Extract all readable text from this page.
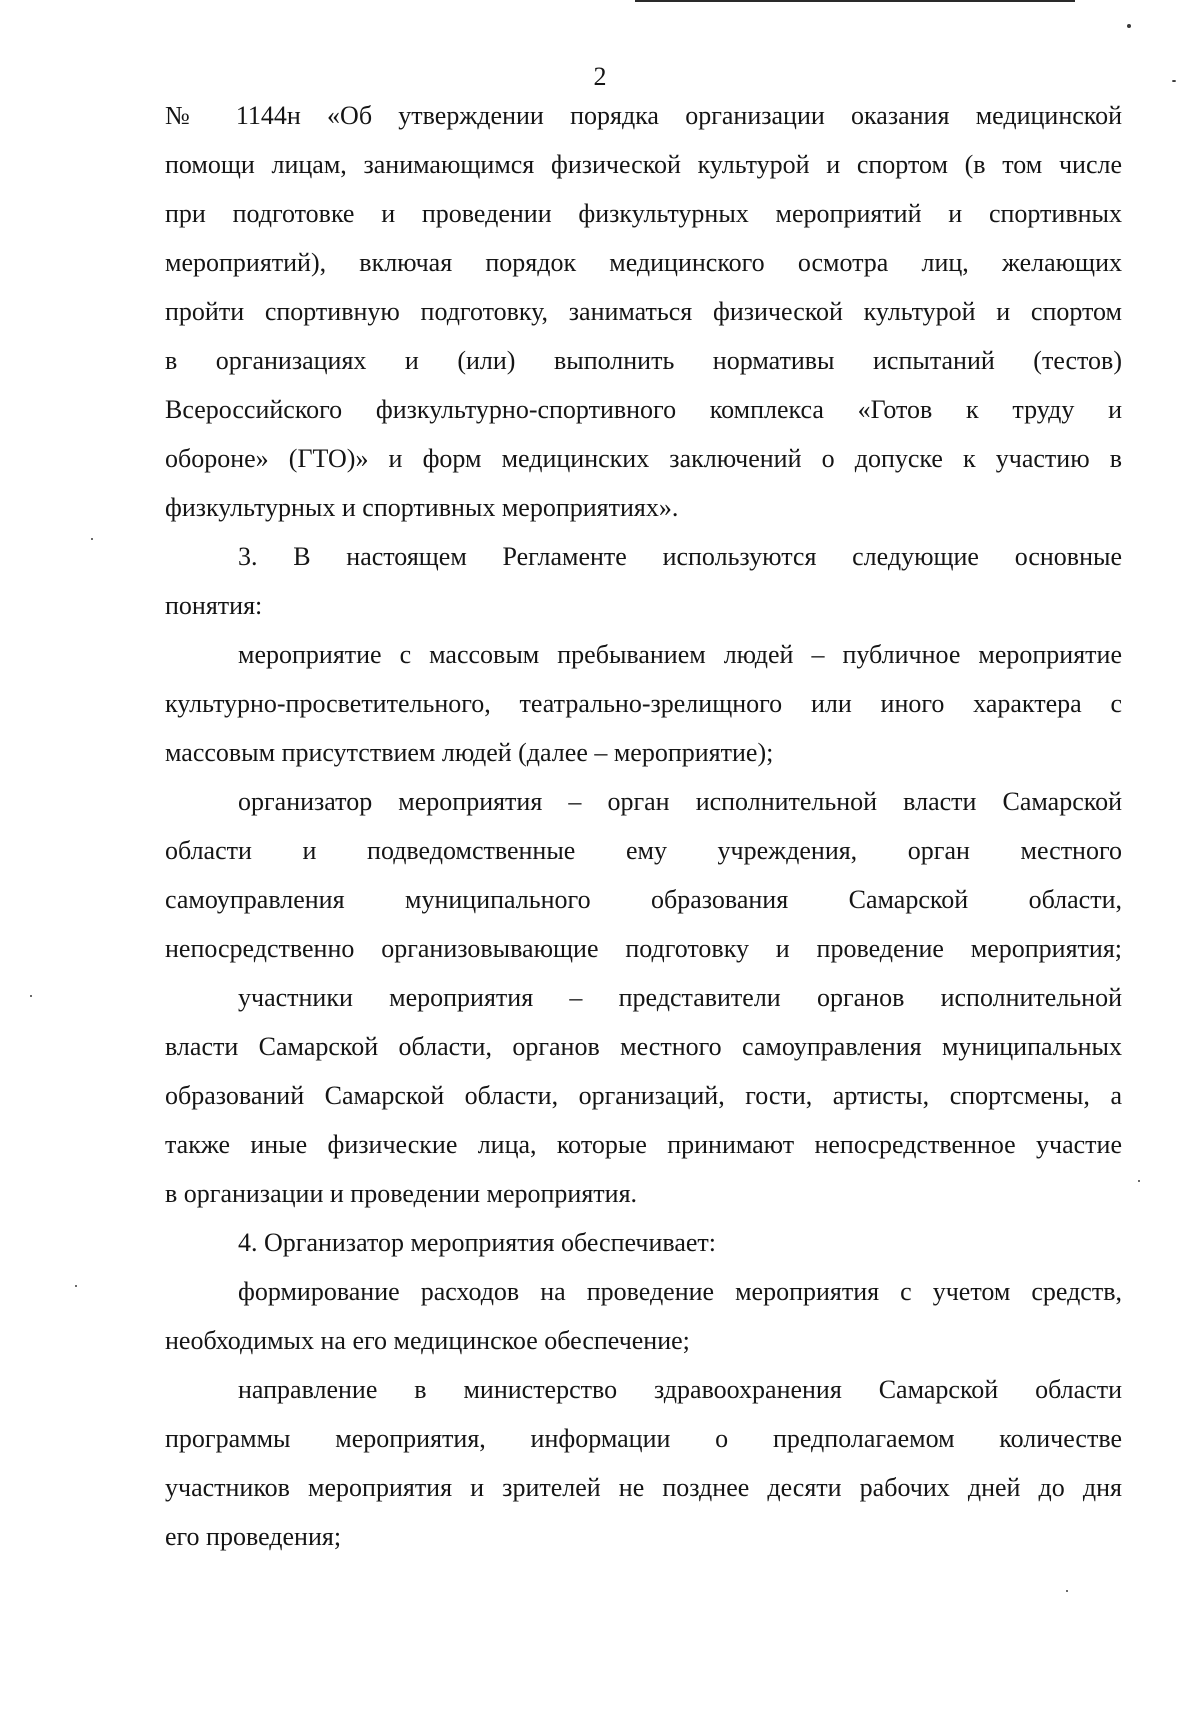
2
№ 1144н «Об утверждении порядка организации оказания медицинской
помощи лицам, занимающимся физической культурой и спортом (в том числе
при подготовке и проведении физкультурных мероприятий и спортивных
мероприятий), включая порядок медицинского осмотра лиц, желающих
пройти спортивную подготовку, заниматься физической культурой и спортом
в организациях и (или) выполнить нормативы испытаний (тестов)
Всероссийского физкультурно-спортивного комплекса «Готов к труду и
обороне» (ГТО)» и форм медицинских заключений о допуске к участию в
физкультурных и спортивных мероприятиях».
3. В настоящем Регламенте используются следующие основные
понятия:
мероприятие с массовым пребыванием людей – публичное мероприятие
культурно-просветительного, театрально-зрелищного или иного характера с
массовым присутствием людей (далее – мероприятие);
организатор мероприятия – орган исполнительной власти Самарской
области и подведомственные ему учреждения, орган местного
самоуправления муниципального образования Самарской области,
непосредственно организовывающие подготовку и проведение мероприятия;
участники мероприятия – представители органов исполнительной
власти Самарской области, органов местного самоуправления муниципальных
образований Самарской области, организаций, гости, артисты, спортсмены, а
также иные физические лица, которые принимают непосредственное участие
в организации и проведении мероприятия.
4. Организатор мероприятия обеспечивает:
формирование расходов на проведение мероприятия с учетом средств,
необходимых на его медицинское обеспечение;
направление в министерство здравоохранения Самарской области
программы мероприятия, информации о предполагаемом количестве
участников мероприятия и зрителей не позднее десяти рабочих дней до дня
его проведения;
